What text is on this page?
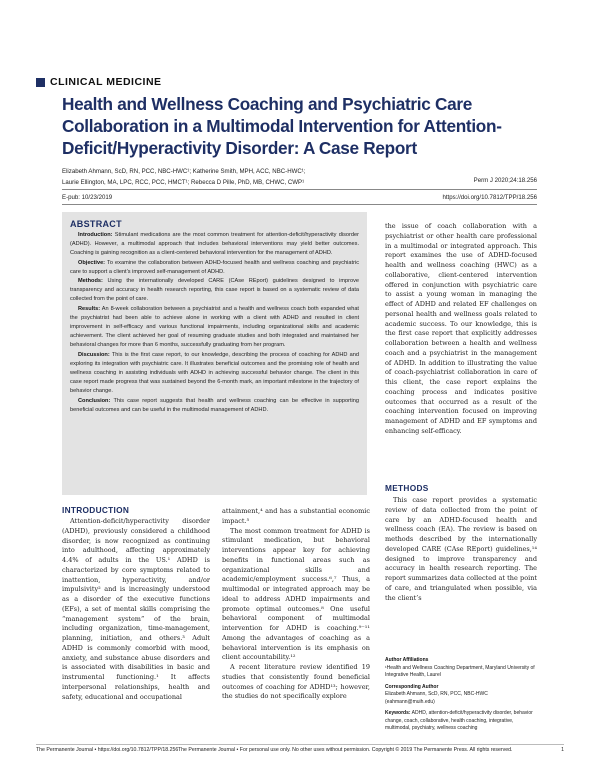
CLINICAL MEDICINE
Health and Wellness Coaching and Psychiatric Care Collaboration in a Multimodal Intervention for Attention-Deficit/Hyperactivity Disorder: A Case Report
Elizabeth Ahmann, ScD, RN, PCC, NBC-HWC¹; Katherine Smith, MPH, ACC, NBC-HWC¹;
Laurie Ellington, MA, LPC, RCC, PCC, HMCT¹; Rebecca D Pille, PhD, MB, CHWC, CWP¹	Perm J 2020;24:18.256
E-pub: 10/23/2019	https://doi.org/10.7812/TPP/18.256
ABSTRACT

Introduction: Stimulant medications are the most common treatment for attention-deficit/hyperactivity disorder (ADHD). However, a multimodal approach that includes behavioral interventions may yield better outcomes. Coaching is gaining recognition as a client-centered behavioral intervention for the management of ADHD.

Objective: To examine the collaboration between ADHD-focused health and wellness coaching and psychiatric care to support a client’s improved self-management of ADHD.

Methods: Using the internationally developed CARE (CAse REport) guidelines designed to improve transparency and accuracy in health research reporting, this case report is based on a systematic review of data collected from the point of care.

Results: An 8-week collaboration between a psychiatrist and a health and wellness coach both expanded what the psychiatrist had been able to achieve alone in working with a client with ADHD and resulted in client improvement in self-efficacy and various functional impairments, including organizational skills and academic achievement. The client achieved her goal of resuming graduate studies and both integrated and maintained her behavioral changes for more than 6 months, successfully graduating from her program.

Discussion: This is the first case report, to our knowledge, describing the process of coaching for ADHD and exploring its integration with psychiatric care. It illustrates beneficial outcomes and the promising role of health and wellness coaching in assisting individuals with ADHD in achieving successful behavior change. The client in this case report made progress that was sustained beyond the 6-month mark, an important milestone in the trajectory of behavior change.

Conclusion: This case report suggests that health and wellness coaching can be effective in supporting beneficial outcomes and can be useful in the multimodal management of ADHD.

INTRODUCTION

Attention-deficit/hyperactivity disorder (ADHD), previously considered a childhood disorder, is now recognized as continuing into adulthood, affecting approximately 4.4% of adults in the US.¹ ADHD is characterized by core symptoms related to inattention, hyperactivity, and/or impulsivity² and is increasingly understood as a disorder of the executive functions (EFs), a set of mental skills comprising the “management system” of the brain, including organization, time-management, planning, initiation, and others.³ Adult ADHD is commonly comorbid with mood, anxiety, and substance abuse disorders and is associated with disabilities in basic and instrumental functioning.¹ It affects interpersonal relationships, health and safety, educational and occupational

attainment,⁴ and has a substantial economic impact.⁵

The most common treatment for ADHD is stimulant medication, but behavioral interventions appear key for achieving benefits in functional areas such as organizational skills and academic/employment success.⁶,⁷ Thus, a multimodal or integrated approach may be ideal to address ADHD impairments and promote optimal outcomes.⁸ One useful behavioral component of multimodal intervention for ADHD is coaching.⁹⁻¹¹ Among the advantages of coaching as a behavioral intervention is its emphasis on client accountability.¹²

A recent literature review identified 19 studies that consistently found beneficial outcomes of coaching for ADHD¹³; however, the studies do not specifically explore

the issue of coach collaboration with a psychiatrist or other health care professional in a multimodal or integrated approach. This report examines the use of ADHD-focused health and wellness coaching (HWC) as a collaborative, client-centered intervention offered in conjunction with psychiatric care to assist a young woman in managing the effect of ADHD and related EF challenges on personal health and wellness goals related to academic success. To our knowledge, this is the first case report that explicitly addresses collaboration between a health and wellness coach and a psychiatrist in the management of ADHD. In addition to illustrating the value of coach-psychiatrist collaboration in care of this client, the case report explains the coaching process and indicates positive outcomes that occurred as a result of the coaching intervention focused on improving management of ADHD and EF symptoms and enhancing self-efficacy.

METHODS

This case report provides a systematic review of data collected from the point of care by an ADHD-focused health and wellness coach (EA). The review is based on methods described by the internationally developed CARE (CAse REport) guidelines,¹⁴ designed to improve transparency and accuracy in health research reporting. The report summarizes data collected at the point of care, and triangulated when possible, via the client’s

Author Affiliations
¹Health and Wellness Coaching Department, Maryland University of Integrative Health, Laurel
Corresponding Author
Elizabeth Ahmann, ScD, RN, PCC, NBC-HWC (eahmann@muih.edu)
Keywords: ADHD, attention-deficit/hyperactivity disorder, behavior change, coach, collaborative, health coaching, integrative, multimodal, psychiatry, wellness coaching
The Permanente Journal • https://doi.org/10.7812/TPP/18.256 The Permanente Journal • For personal use only. No other uses without permission. Copyright © 2019 The Permanente Press. All rights reserved.	1
